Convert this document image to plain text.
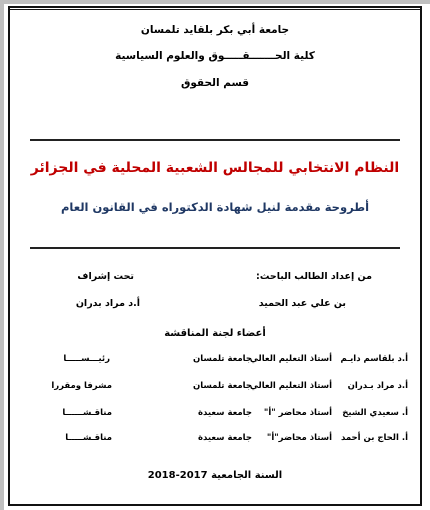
جامعة أبي بكر بلقايد تلمسان
كلية الحـــــــقـــــوق والعلوم السياسية
قسم الحقوق
النظام الانتخابي للمجالس الشعبية المحلية في الجزائر
أطروحة مقدمة لنيل شهادة الدكتوراه في القانون العام
من إعداد الطالب الباحث:
تحت إشراف
بن علي عبد الحميد
أ.د مراد بدران
أعضاء لجنة المناقشة
أ.د بلقاسم دايـم
أستاذ التعليم العالي
جامعة تلمسان
رئيـــســـــا
أ.د مراد بـدران
أستاذ التعليم العالي
جامعة تلمسان
مشرفا ومقررا
أ. سعيدي الشيخ
أستاذ محاضر "أ"
جامعة سعيدة
مناقـشــــــا
أ. الحاج بن أحمد
أستاذ محاضر"أ"
جامعة سعيدة
مناقـشـــــا
السنة الجامعية 2017-2018
